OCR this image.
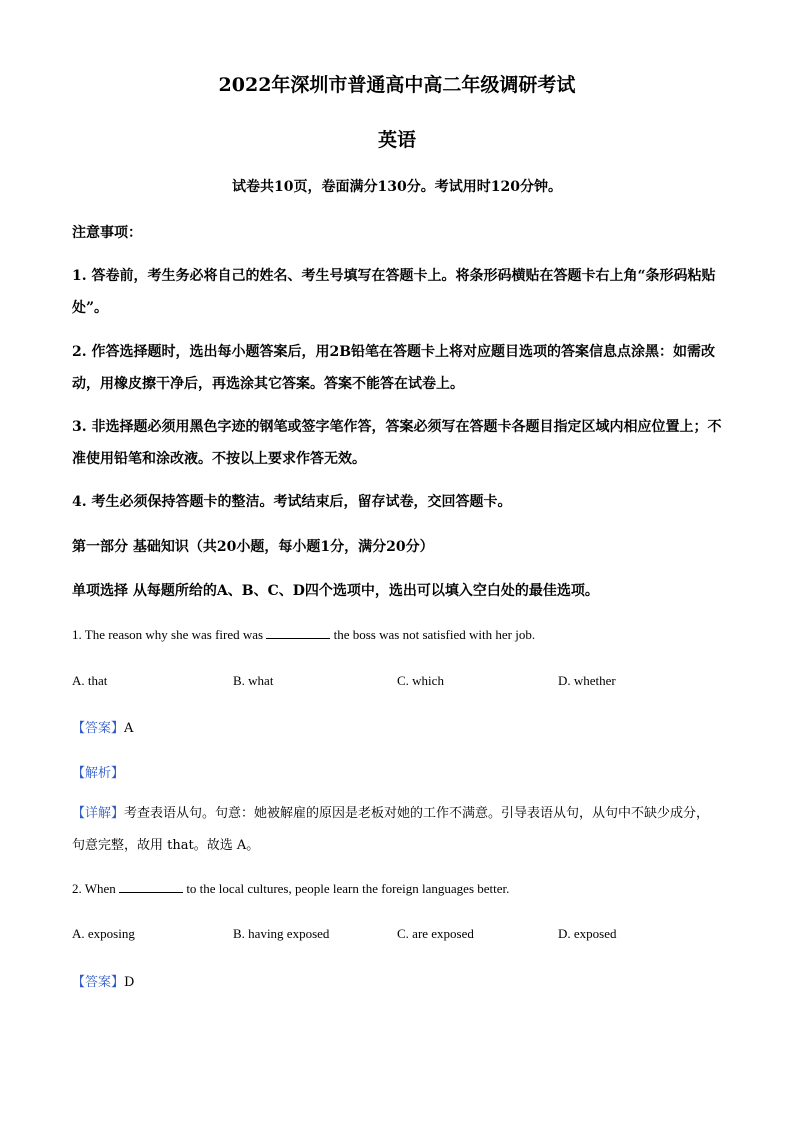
2022年深圳市普通高中高二年级调研考试
英语
试卷共10页，卷面满分130分。考试用时120分钟。
注意事项：
1. 答卷前，考生务必将自己的姓名、考生号填写在答题卡上。将条形码横贴在答题卡右上角“条形码粘贴处”。
2. 作答选择题时，选出每小题答案后，用2B铅笔在答题卡上将对应题目选项的答案信息点涂黑：如需改动，用橡皮擦干净后，再选涂其它答案。答案不能答在试卷上。
3. 非选择题必须用黑色字迹的钢笔或签字笔作答，答案必须写在答题卡各题目指定区域内相应位置上；不准使用铅笔和涂改液。不按以上要求作答无效。
4. 考生必须保持答题卡的整洁。考试结束后，留存试卷，交回答题卡。
第一部分 基础知识（共20小题，每小题1分，满分20分）
单项选择 从每题所给的A、B、C、D四个选项中，选出可以填入空白处的最佳选项。
1. The reason why she was fired was	the boss was not satisfied with her job.
A. that	B. what	C. which	D. whether
【答案】A
【解析】
【详解】考查表语从句。句意：她被解雇的原因是老板对她的工作不满意。引导表语从句，从句中不缺少成分，句意完整，故用 that。故选 A。
2. When	to the local cultures, people learn the foreign languages better.
A. exposing	B. having exposed	C. are exposed	D. exposed
【答案】D
